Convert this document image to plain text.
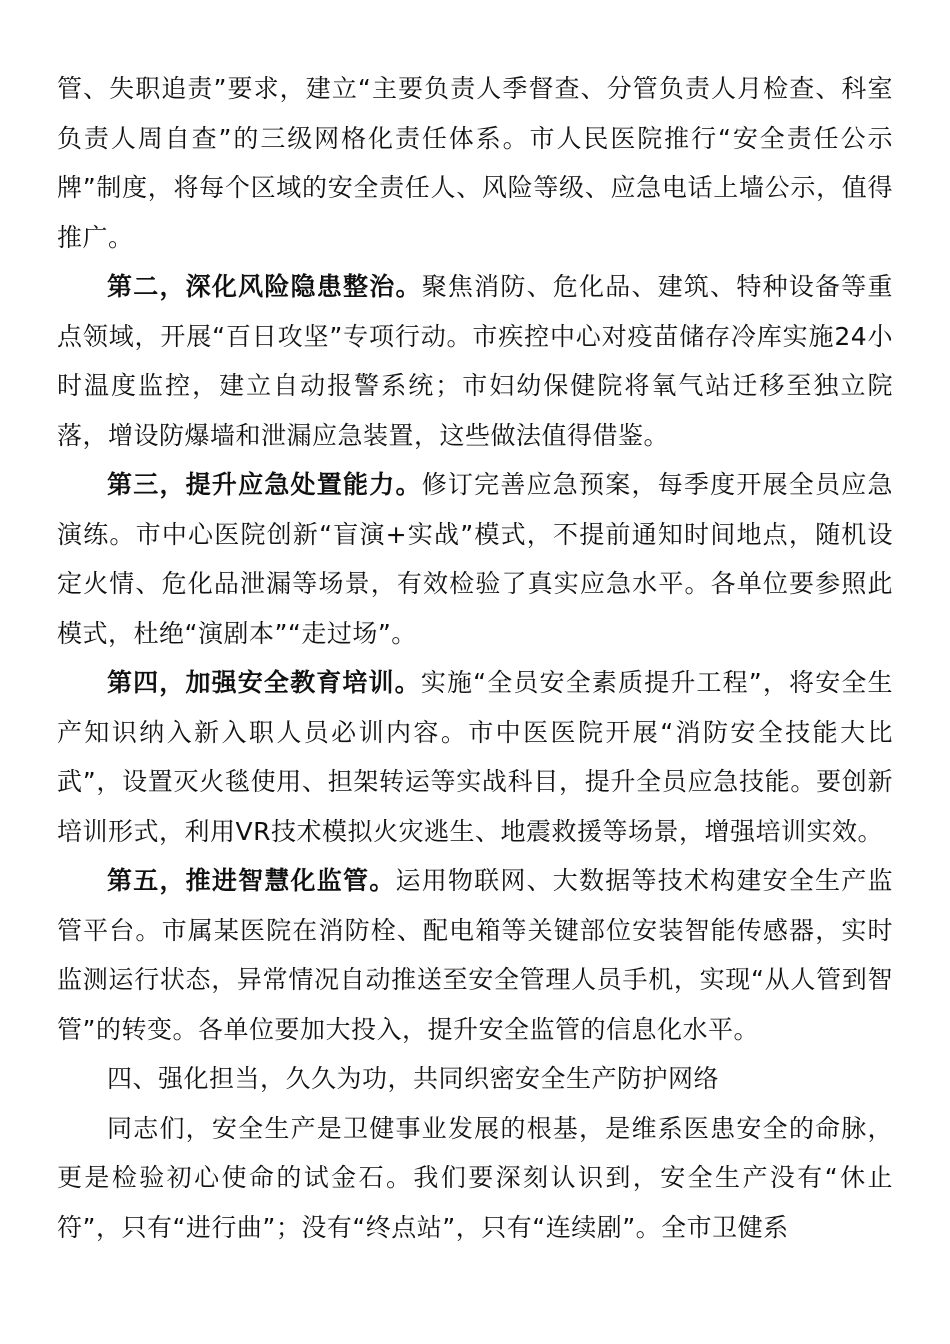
管、失职追责”要求，建立“主要负责人季督查、分管负责人月检查、科室负责人周自查”的三级网格化责任体系。市人民医院推行“安全责任公示牌”制度，将每个区域的安全责任人、风险等级、应急电话上墙公示，值得推广。

第二，深化风险隐患整治。聚焦消防、危化品、建筑、特种设备等重点领域，开展“百日攻坚”专项行动。市疾控中心对疫苗储存冷库实施24小时温度监控，建立自动报警系统；市妇幼保健院将氧气站迁移至独立院落，增设防爆墙和泄漏应急装置，这些做法值得借鉴。

第三，提升应急处置能力。修订完善应急预案，每季度开展全员应急演练。市中心医院创新“盲演+实战”模式，不提前通知时间地点，随机设定火情、危化品泄漏等场景，有效检验了真实应急水平。各单位要参照此模式，杜绝“演剧本”“走过场”。

第四，加强安全教育培训。实施“全员安全素质提升工程”，将安全生产知识纳入新入职人员必训内容。市中医医院开展“消防安全技能大比武”，设置灭火毯使用、担架转运等实战科目，提升全员应急技能。要创新培训形式，利用VR技术模拟火灾逃生、地震救援等场景，增强培训实效。

第五，推进智慧化监管。运用物联网、大数据等技术构建安全生产监管平台。市属某医院在消防栓、配电箱等关键部位安装智能传感器，实时监测运行状态，异常情况自动推送至安全管理人员手机，实现“从人管到智管”的转变。各单位要加大投入，提升安全监管的信息化水平。

四、强化担当，久久为功，共同织密安全生产防护网络

同志们，安全生产是卫健事业发展的根基，是维系医患安全的命脉，更是检验初心使命的试金石。我们要深刻认识到，安全生产没有“休止符”，只有“进行曲”；没有“终点站”，只有“连续剧”。全市卫健系
